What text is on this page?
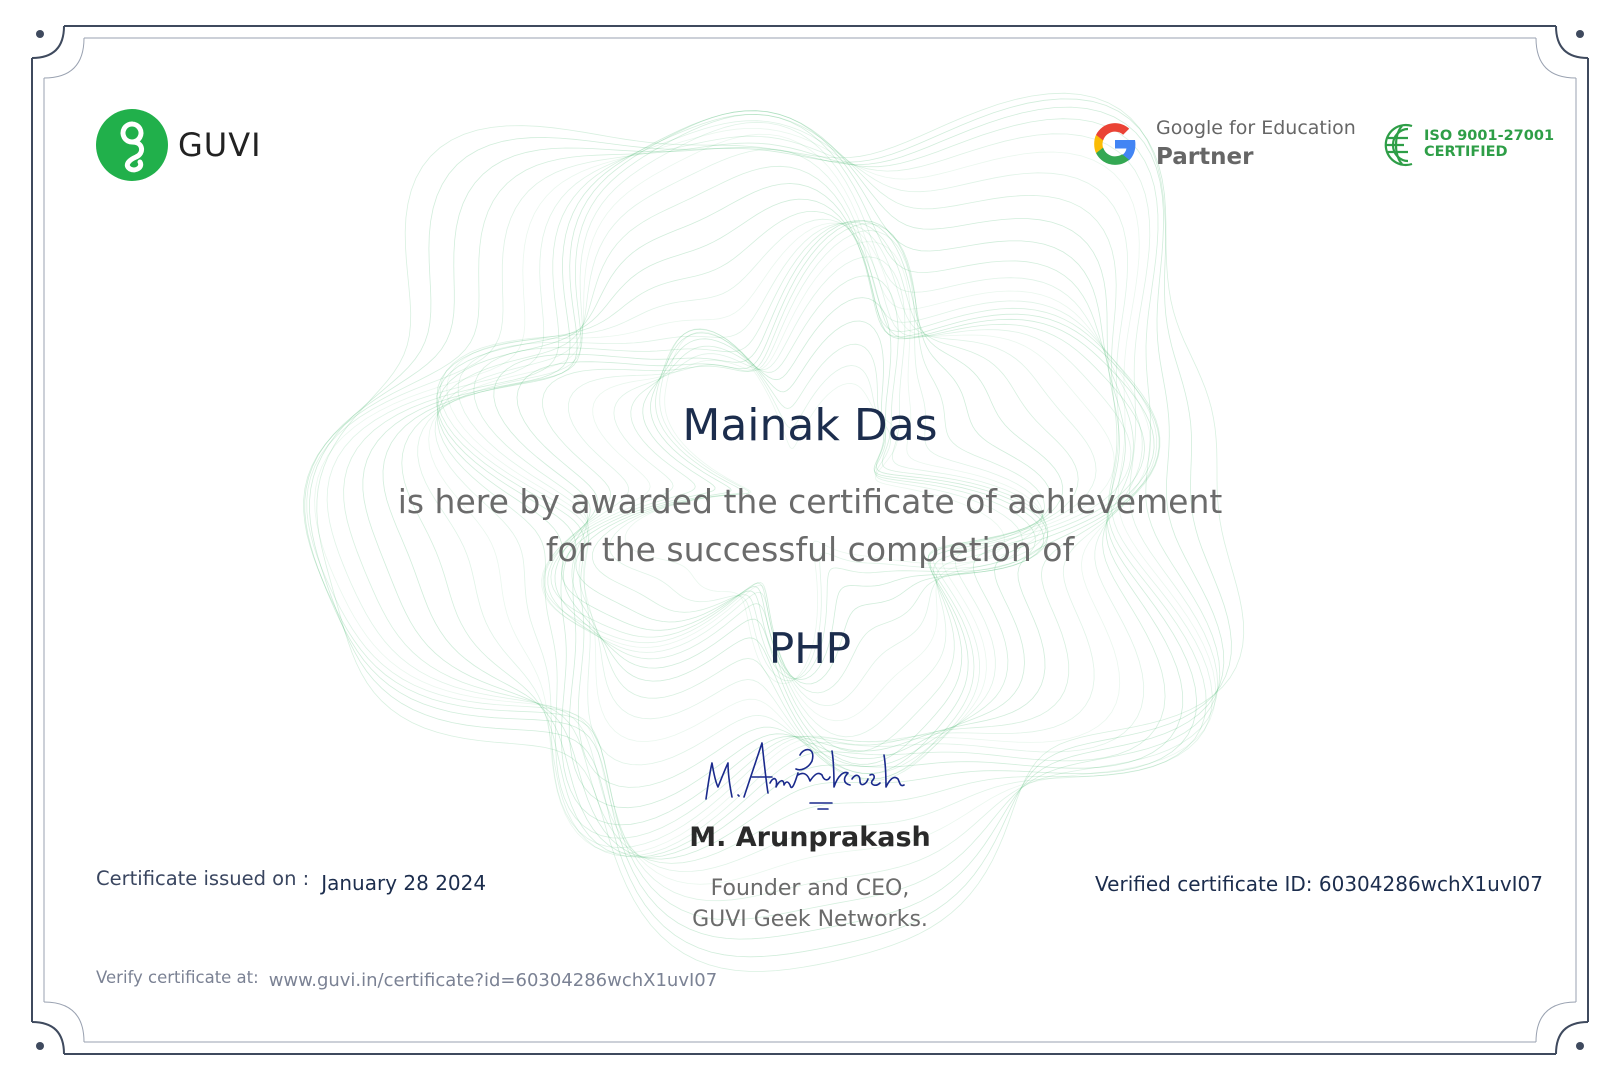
GUVI	Google for Education
Partner
ISO 9001-27001
CERTIFIED
Mainak Das
is here by awarded the certificate of achievement
for the successful completion of
PHP
M. Arunprakash
Founder and CEO,
GUVI Geek Networks.
Certificate issued on : January 28 2024	Verified certificate ID: 60304286wchX1uvI07
Verify certificate at: www.guvi.in/certificate?id=60304286wchX1uvI07
